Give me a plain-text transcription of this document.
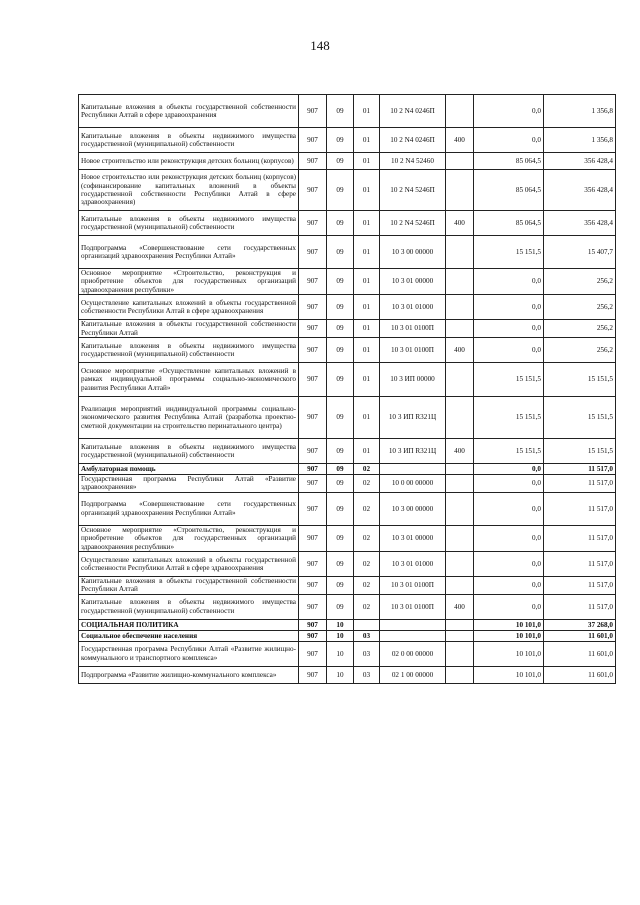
148
Капитальные вложения в объекты государственной собственности Республики Алтай в сфере здравоохранения	907	09	01	10 2 N4 0246П		0,0	1 356,8
Капитальные вложения в объекты недвижимого имущества государственной (муниципальной) собственности	907	09	01	10 2 N4 0246П	400	0,0	1 356,8
Новое строительство или реконструкция детских больниц (корпусов)	907	09	01	10 2 N4 52460		85 064,5	356 428,4
Новое строительство или реконструкция детских больниц (корпусов) (софинансирование капитальных вложений в объекты государственной собственности Республики Алтай в сфере здравоохранения)	907	09	01	10 2 N4 5246П		85 064,5	356 428,4
Капитальные вложения в объекты недвижимого имущества государственной (муниципальной) собственности	907	09	01	10 2 N4 5246П	400	85 064,5	356 428,4
Подпрограмма «Совершенствование сети государственных организаций здравоохранения Республики Алтай»	907	09	01	10 3 00 00000		15 151,5	15 407,7
Основное мероприятие «Строительство, реконструкция и приобретение объектов для государственных организаций здравоохранения республики»	907	09	01	10 3 01 00000		0,0	256,2
Осуществление капитальных вложений в объекты государственной собственности Республики Алтай в сфере здравоохранения	907	09	01	10 3 01 01000		0,0	256,2
Капитальные вложения в объекты государственной собственности Республики Алтай	907	09	01	10 3 01 0100П		0,0	256,2
Капитальные вложения в объекты недвижимого имущества государственной (муниципальной) собственности	907	09	01	10 3 01 0100П	400	0,0	256,2
Основное мероприятие «Осуществление капитальных вложений в рамках индивидуальной программы социально-экономического развития Республики Алтай»	907	09	01	10 3 ИП 00000		15 151,5	15 151,5
Реализация мероприятий индивидуальной программы социально-экономического развития Республика Алтай (разработка проектно-сметной документации на строительство перинатального центра)	907	09	01	10 3 ИП R321Ц		15 151,5	15 151,5
Капитальные вложения в объекты недвижимого имущества государственной (муниципальной) собственности	907	09	01	10 3 ИП R321Ц	400	15 151,5	15 151,5
Амбулаторная помощь	907	09	02			0,0	11 517,0
Государственная программа Республики Алтай «Развитие здравоохранения»	907	09	02	10 0 00 00000		0,0	11 517,0
Подпрограмма «Совершенствование сети государственных организаций здравоохранения Республики Алтай»	907	09	02	10 3 00 00000		0,0	11 517,0
Основное мероприятие «Строительство, реконструкция и приобретение объектов для государственных организаций здравоохранения республики»	907	09	02	10 3 01 00000		0,0	11 517,0
Осуществление капитальных вложений в объекты государственной собственности Республики Алтай в сфере здравоохранения	907	09	02	10 3 01 01000		0,0	11 517,0
Капитальные вложения в объекты государственной собственности Республики Алтай	907	09	02	10 3 01 0100П		0,0	11 517,0
Капитальные вложения в объекты недвижимого имущества государственной (муниципальной) собственности	907	09	02	10 3 01 0100П	400	0,0	11 517,0
СОЦИАЛЬНАЯ ПОЛИТИКА	907	10				10 101,0	37 268,0
Социальное обеспечение населения	907	10	03			10 101,0	11 601,0
Государственная программа Республики Алтай «Развитие жилищно-коммунального и транспортного комплекса»	907	10	03	02 0 00 00000		10 101,0	11 601,0
Подпрограмма «Развитие жилищно-коммунального комплекса»	907	10	03	02 1 00 00000		10 101,0	11 601,0
